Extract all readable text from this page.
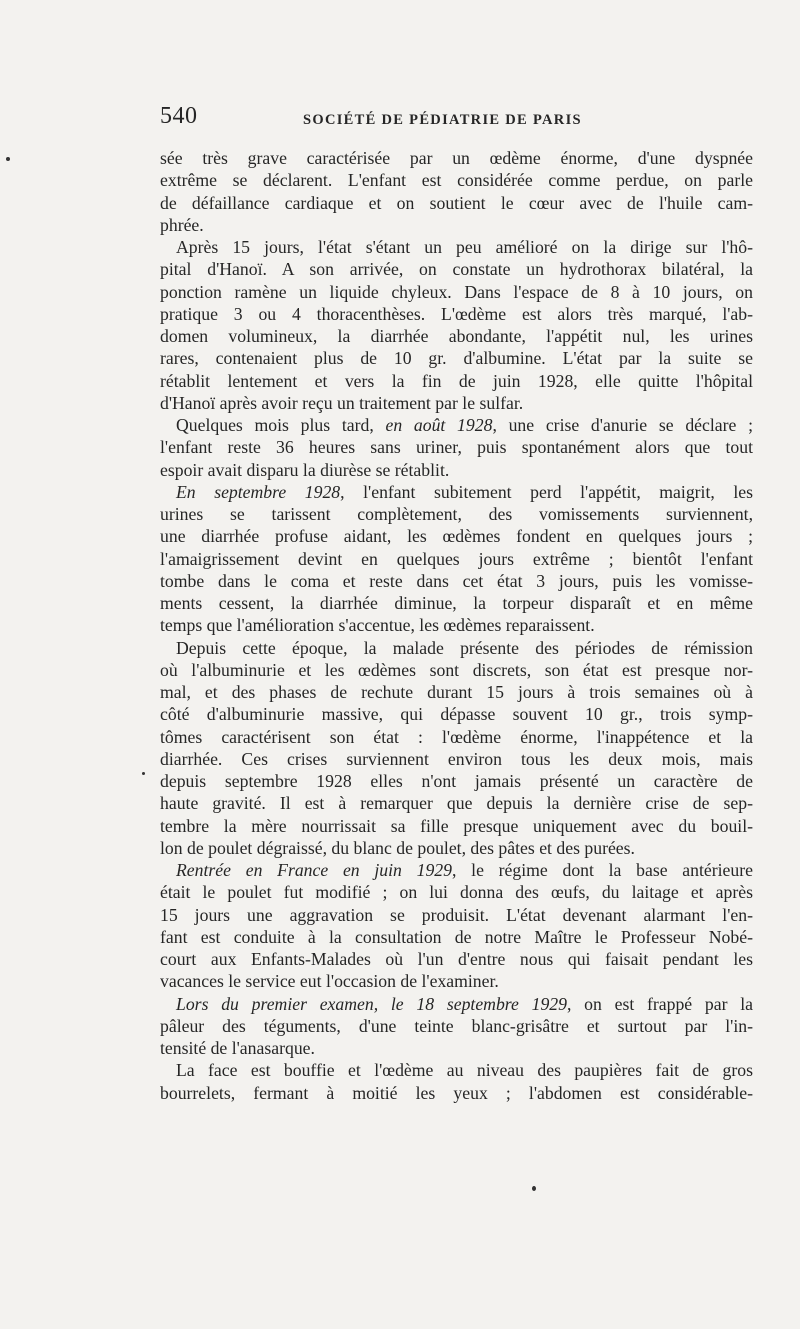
540	SOCIÉTÉ DE PÉDIATRIE DE PARIS
sée très grave caractérisée par un œdème énorme, d'une dyspnée
extrême se déclarent. L'enfant est considérée comme perdue, on parle
de défaillance cardiaque et on soutient le cœur avec de l'huile cam-
phrée.
Après 15 jours, l'état s'étant un peu amélioré on la dirige sur l'hô-
pital d'Hanoï. A son arrivée, on constate un hydrothorax bilatéral, la
ponction ramène un liquide chyleux. Dans l'espace de 8 à 10 jours, on
pratique 3 ou 4 thoracenthèses. L'œdème est alors très marqué, l'ab-
domen volumineux, la diarrhée abondante, l'appétit nul, les urines
rares, contenaient plus de 10 gr. d'albumine. L'état par la suite se
rétablit lentement et vers la fin de juin 1928, elle quitte l'hôpital
d'Hanoï après avoir reçu un traitement par le sulfar.
Quelques mois plus tard, en août 1928, une crise d'anurie se déclare ;
l'enfant reste 36 heures sans uriner, puis spontanément alors que tout
espoir avait disparu la diurèse se rétablit.
En septembre 1928, l'enfant subitement perd l'appétit, maigrit, les
urines se tarissent complètement, des vomissements surviennent,
une diarrhée profuse aidant, les œdèmes fondent en quelques jours ;
l'amaigrissement devint en quelques jours extrême ; bientôt l'enfant
tombe dans le coma et reste dans cet état 3 jours, puis les vomisse-
ments cessent, la diarrhée diminue, la torpeur disparaît et en même
temps que l'amélioration s'accentue, les œdèmes reparaissent.
Depuis cette époque, la malade présente des périodes de rémission
où l'albuminurie et les œdèmes sont discrets, son état est presque nor-
mal, et des phases de rechute durant 15 jours à trois semaines où à
côté d'albuminurie massive, qui dépasse souvent 10 gr., trois symp-
tômes caractérisent son état : l'œdème énorme, l'inappétence et la
diarrhée. Ces crises surviennent environ tous les deux mois, mais
depuis septembre 1928 elles n'ont jamais présenté un caractère de
haute gravité. Il est à remarquer que depuis la dernière crise de sep-
tembre la mère nourrissait sa fille presque uniquement avec du bouil-
lon de poulet dégraissé, du blanc de poulet, des pâtes et des purées.
Rentrée en France en juin 1929, le régime dont la base antérieure
était le poulet fut modifié ; on lui donna des œufs, du laitage et après
15 jours une aggravation se produisit. L'état devenant alarmant l'en-
fant est conduite à la consultation de notre Maître le Professeur Nobé-
court aux Enfants-Malades où l'un d'entre nous qui faisait pendant les
vacances le service eut l'occasion de l'examiner.
Lors du premier examen, le 18 septembre 1929, on est frappé par la
pâleur des téguments, d'une teinte blanc-grisâtre et surtout par l'in-
tensité de l'anasarque.
La face est bouffie et l'œdème au niveau des paupières fait de gros
bourrelets, fermant à moitié les yeux ; l'abdomen est considérable-
